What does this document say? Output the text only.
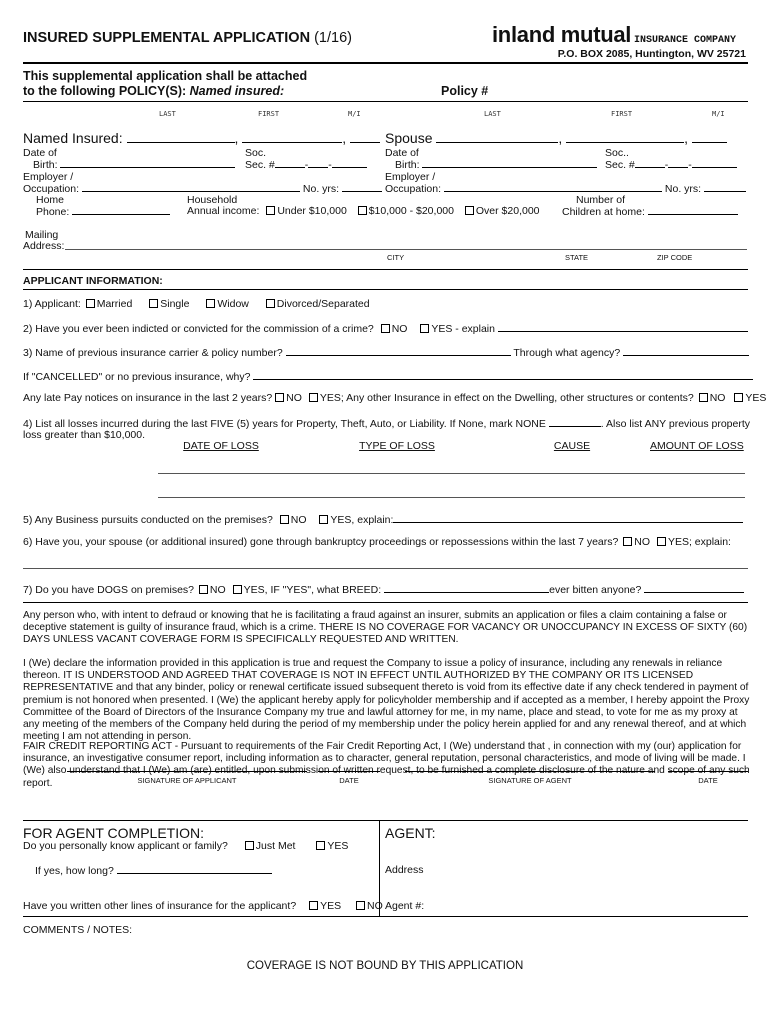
INSURED SUPPLEMENTAL APPLICATION (1/16)	inland mutual INSURANCE COMPANY
P.O. BOX 2085, Huntington, WV 25721
This supplemental application shall be attached
to the following POLICY(S): Named insured:	Policy #
LAST	FIRST	M/I	LAST	FIRST	M/I
Named Insured:	,	,	Spouse	,	,
Date of
Birth:
Soc.
Sec. #	- -
Date of
Birth:
Soc..
Sec. #	- -
Employer /
Occupation:	No. yrs:
Employer /
Occupation:	No. yrs:
Home
Phone:
Household
Annual income: Under $10,000 $10,000 - $20,000 Over $20,000
Number of
Children at home:
Mailing
Address:
CITY	STATE	ZIP CODE
APPLICANT INFORMATION:
1) Applicant: Married	Single	Widow	Divorced/Separated
2) Have you ever been indicted or convicted for the commission of a crime? NO YES - explain
3) Name of previous insurance carrier & policy number?	Through what agency?
If "CANCELLED" or no previous insurance, why?
Any late Pay notices on insurance in the last 2 years? NO YES; Any other Insurance in effect on the Dwelling, other structures or contents? NO YES
4) List all losses incurred during the last FIVE (5) years for Property, Theft, Auto, or Liability. If None, mark NONE	. Also list ANY previous property
loss greater than $10,000.
DATE OF LOSS	TYPE OF LOSS	CAUSE	AMOUNT OF LOSS
5) Any Business pursuits conducted on the premises? NO YES, explain:
6) Have you, your spouse (or additional insured) gone through bankruptcy proceedings or repossessions within the last 7 years? NO YES; explain:
7) Do you have DOGS on premises? NO YES, IF "YES", what BREED:	ever bitten anyone?
Any person who, with intent to defraud or knowing that he is facilitating a fraud against an insurer, submits an application or files a claim containing a false or deceptive statement is guilty of insurance fraud, which is a crime. THERE IS NO COVERAGE FOR VACANCY OR UNOCCUPANCY IN EXCESS OF SIXTY (60) DAYS UNLESS VACANT COVERAGE FORM IS SPECIFICALLY REQUESTED AND WRITTEN.
I (We) declare the information provided in this application is true and request the Company to issue a policy of insurance, including any renewals in reliance thereon. IT IS UNDERSTOOD AND AGREED THAT COVERAGE IS NOT IN EFFECT UNTIL AUTHORIZED BY THE COMPANY OR ITS LICENSED REPRESENTATIVE and that any binder, policy or renewal certificate issued subsequent thereto is void from its effective date if any check tendered in payment of premium is not honored when presented. I (We) the applicant hereby apply for policyholder membership and if accepted as a member, I hereby appoint the Proxy Committee of the Board of Directors of the Insurance Company my true and lawful attorney for me, in my name, place and stead, to vote for me as my proxy at any meeting of the members of the Company held during the period of my membership under the policy herein applied for and any renewal thereof, and at which meeting I am not attending in person.
FAIR CREDIT REPORTING ACT - Pursuant to requirements of the Fair Credit Reporting Act, I (We) understand that , in connection with my (our) application for insurance, an investigative consumer report, including information as to character, general reputation, personal characteristics, and mode of living will be made. I (We) also understand that I (We) am (are) entitled, upon submission of written request, to be furnished a complete disclosure of the nature and scope of any such report.	SIGNATURE OF APPLICANT	DATE	SIGNATURE OF AGENT	DATE
FOR AGENT COMPLETION:	AGENT:
Do you personally know applicant or family?	Just Met	YES
If yes, how long?	Address
Have you written other lines of insurance for the applicant? YES NO Agent #:
COMMENTS / NOTES:
COVERAGE IS NOT BOUND BY THIS APPLICATION
